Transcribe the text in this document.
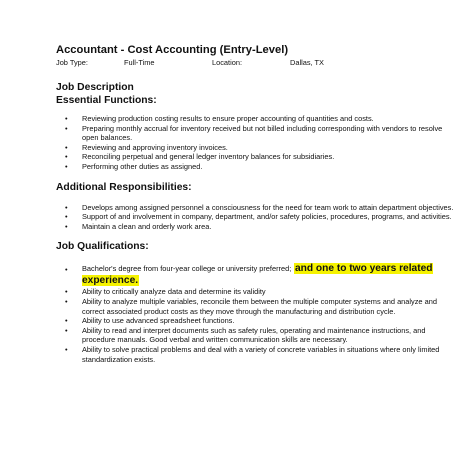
Accountant - Cost Accounting (Entry-Level)
Job Type:	Full-Time	Location:	Dallas, TX
Job Description
Essential Functions:
• Reviewing production costing results to ensure proper accounting of quantities and costs.
• Preparing monthly accrual for inventory received but not billed including corresponding with vendors to resolve open balances.
• Reviewing and approving inventory invoices.
• Reconciling perpetual and general ledger inventory balances for subsidiaries.
• Performing other duties as assigned.
Additional Responsibilities:
• Develops among assigned personnel a consciousness for the need for team work to attain department objectives.
• Support of and involvement in company, department, and/or safety policies, procedures, programs, and activities.
• Maintain a clean and orderly work area.
Job Qualifications:
• Bachelor's degree from four-year college or university preferred; and one to two years related experience.
• Ability to critically analyze data and determine its validity
• Ability to analyze multiple variables, reconcile them between the multiple computer systems and analyze and correct associated product costs as they move through the manufacturing and distribution cycle.
• Ability to use advanced spreadsheet functions.
• Ability to read and interpret documents such as safety rules, operating and maintenance instructions, and procedure manuals. Good verbal and written communication skills are necessary.
• Ability to solve practical problems and deal with a variety of concrete variables in situations where only limited standardization exists.
